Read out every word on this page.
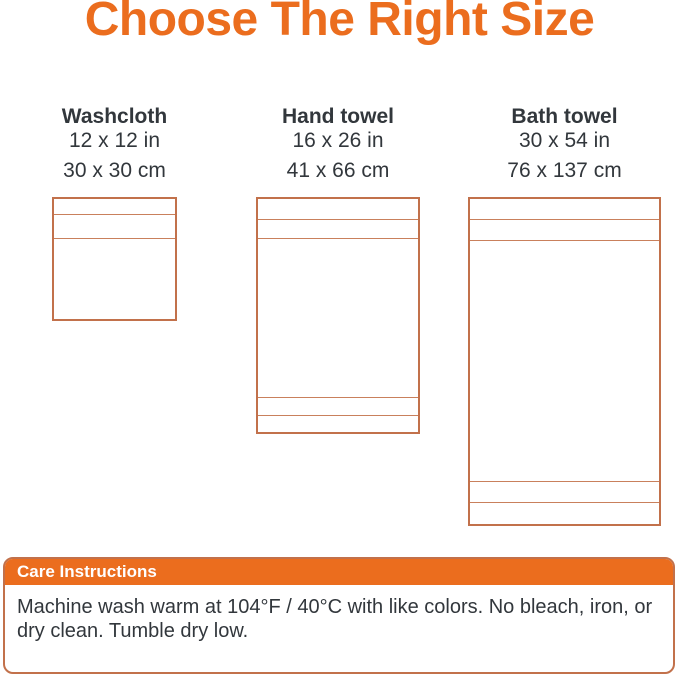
Choose The Right Size
Washcloth
12 x 12 in
30 x 30 cm
Hand towel
16 x 26 in
41 x 66 cm
Bath towel
30 x 54 in
76 x 137 cm
Care Instructions
Machine wash warm at 104°F / 40°C with like colors. No bleach, iron, or
dry clean. Tumble dry low.
